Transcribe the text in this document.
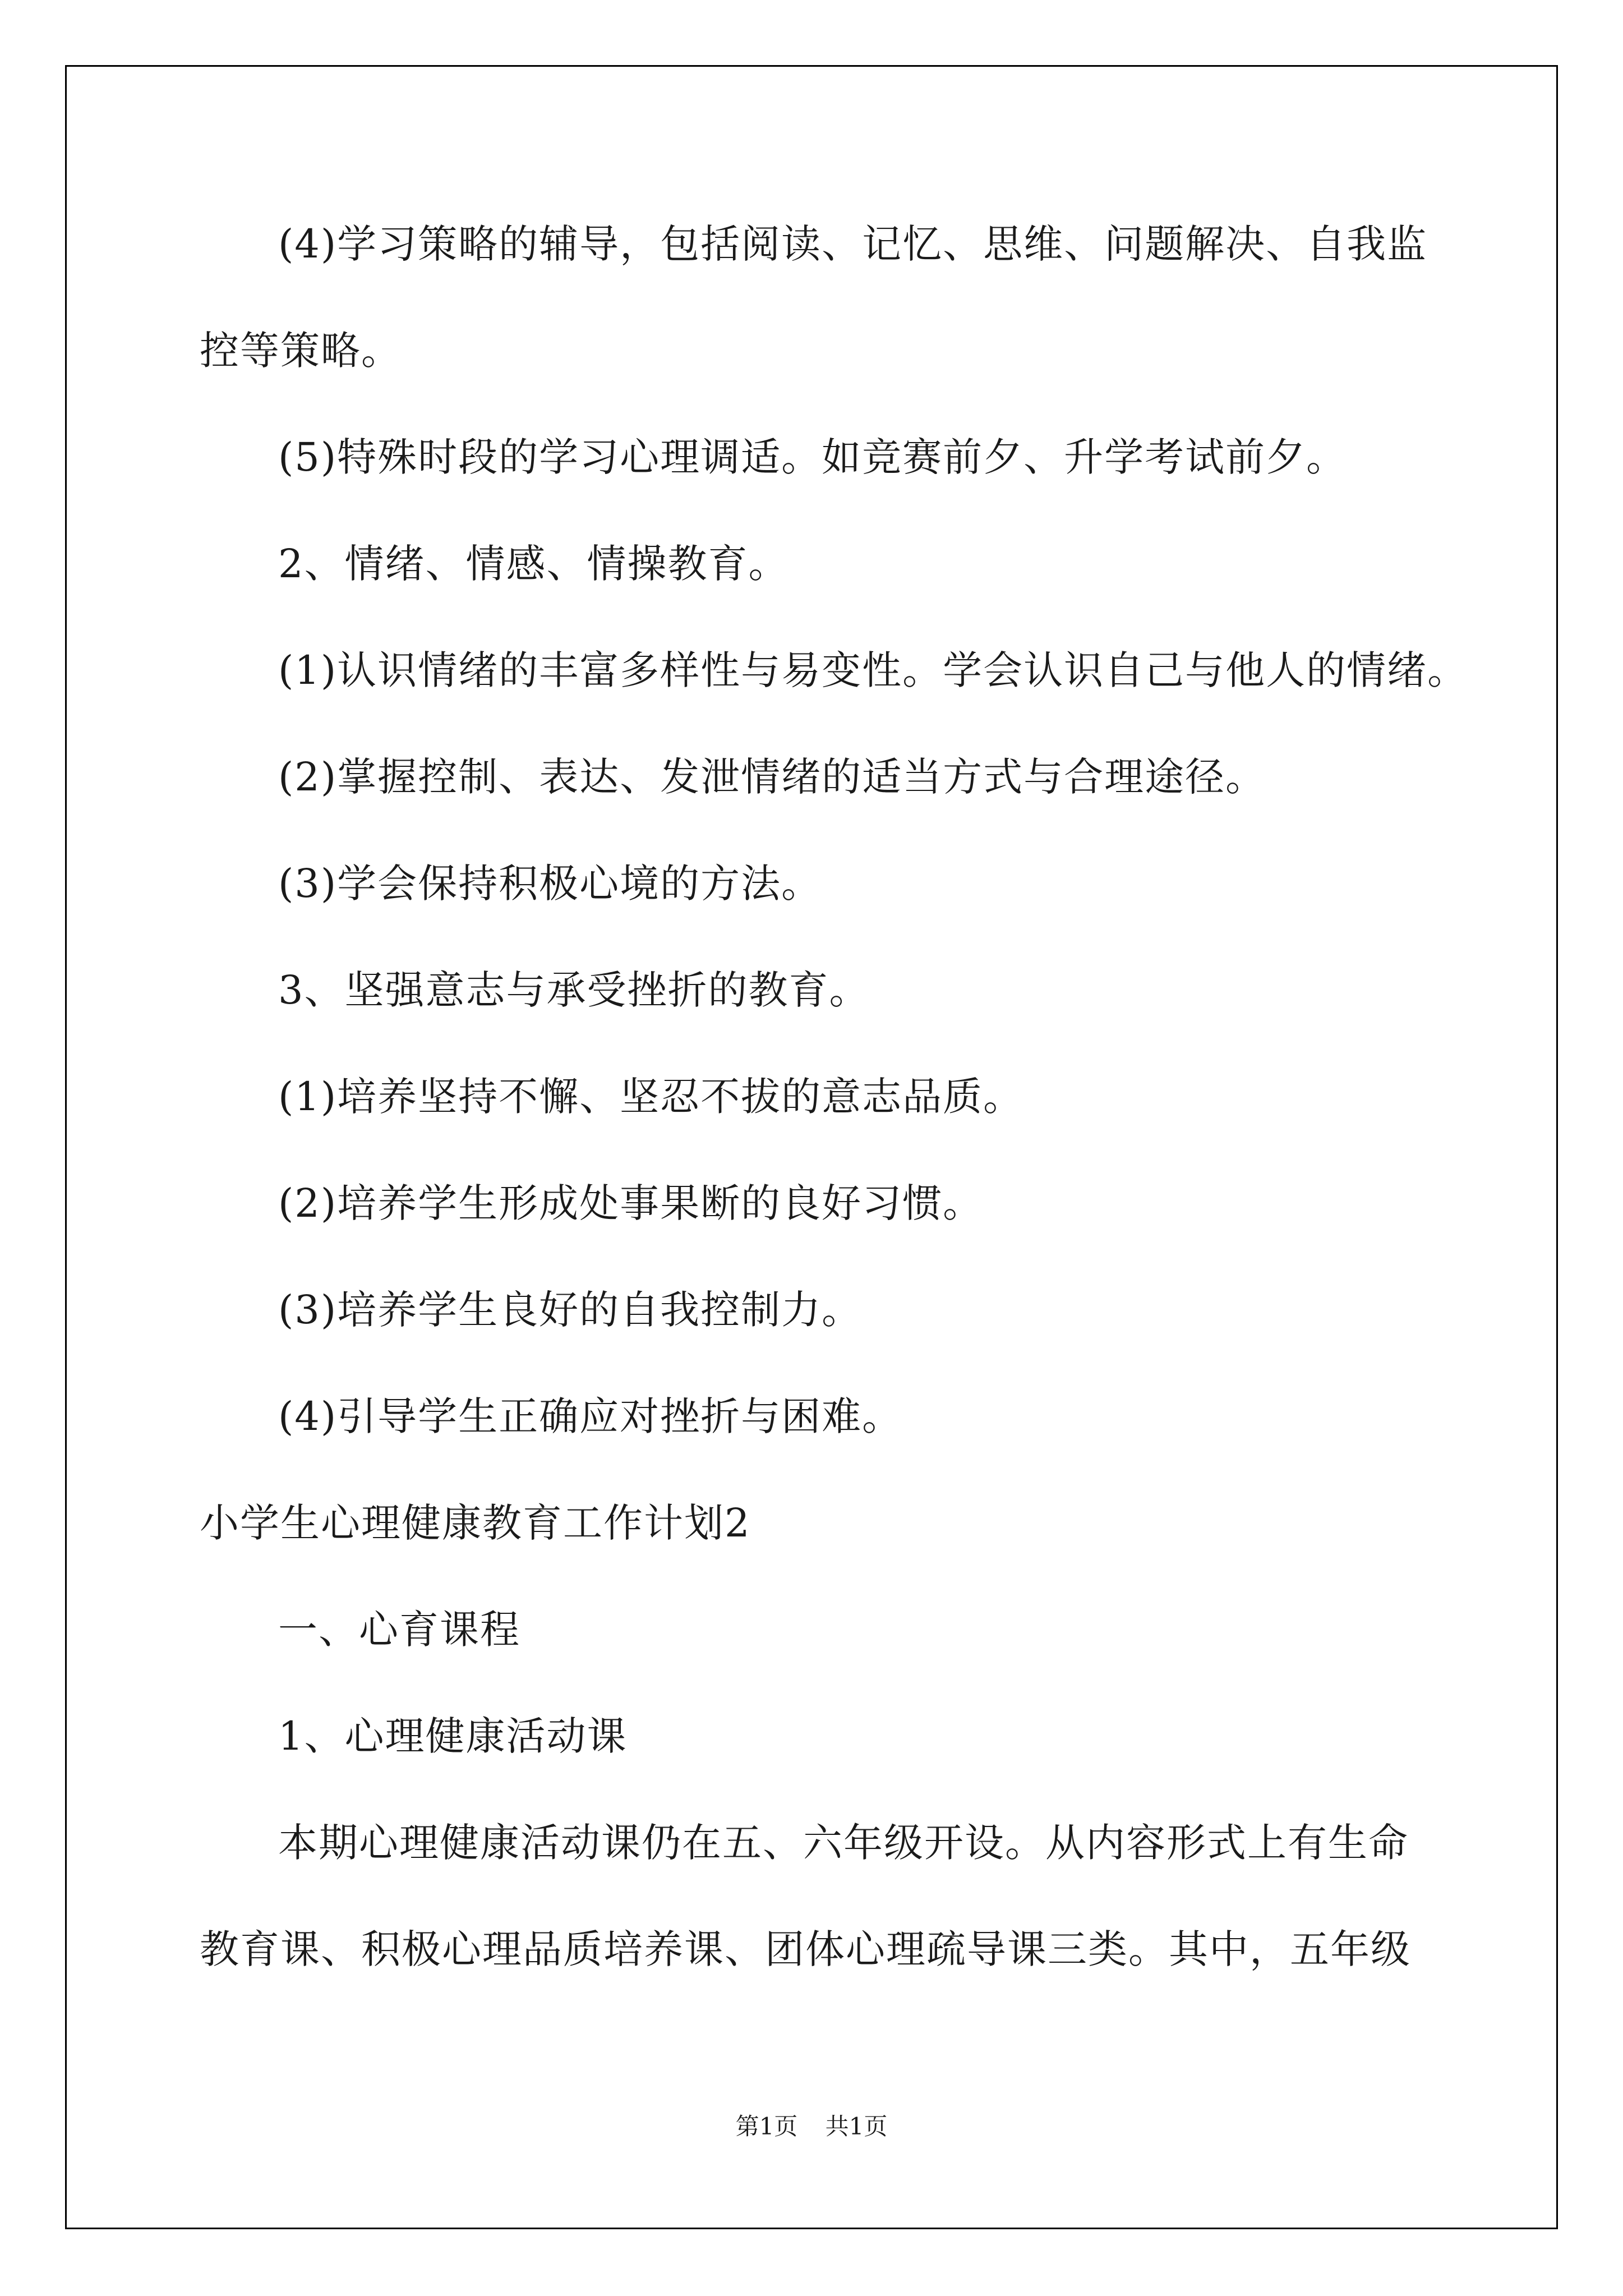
(4)学习策略的辅导，包括阅读、记忆、思维、问题解决、自我监
控等策略。
(5)特殊时段的学习心理调适。如竞赛前夕、升学考试前夕。
2、情绪、情感、情操教育。
(1)认识情绪的丰富多样性与易变性。学会认识自己与他人的情绪。
(2)掌握控制、表达、发泄情绪的适当方式与合理途径。
(3)学会保持积极心境的方法。
3、坚强意志与承受挫折的教育。
(1)培养坚持不懈、坚忍不拔的意志品质。
(2)培养学生形成处事果断的良好习惯。
(3)培养学生良好的自我控制力。
(4)引导学生正确应对挫折与困难。
小学生心理健康教育工作计划2
一、心育课程
1、心理健康活动课
本期心理健康活动课仍在五、六年级开设。从内容形式上有生命
教育课、积极心理品质培养课、团体心理疏导课三类。其中，五年级
第1页 共1页
